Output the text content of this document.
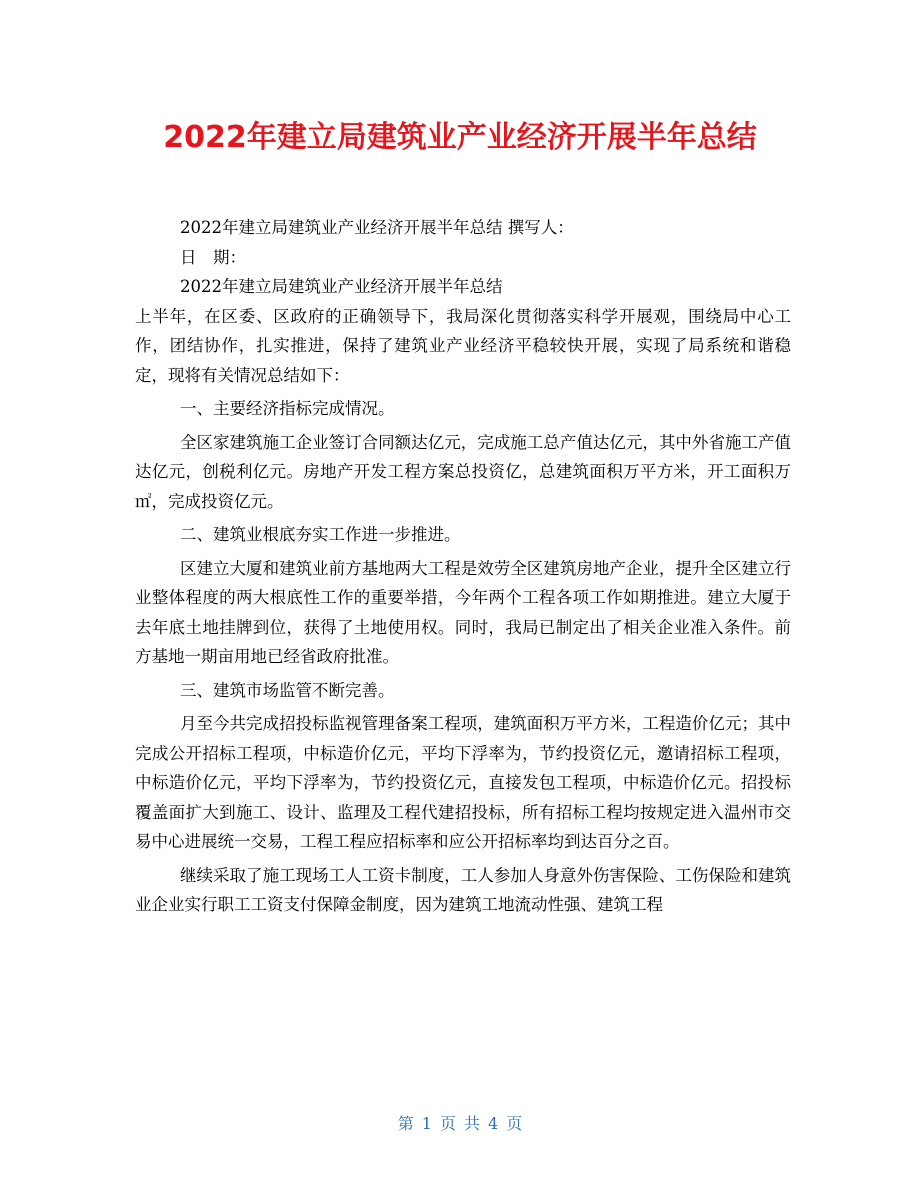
2022年建立局建筑业产业经济开展半年总结

2022年建立局建筑业产业经济开展半年总结 撰写人：

日　期：

2022年建立局建筑业产业经济开展半年总结

上半年，在区委、区政府的正确领导下，我局深化贯彻落实科学开展观，围绕局中心工作，团结协作，扎实推进，保持了建筑业产业经济平稳较快开展，实现了局系统和谐稳定，现将有关情况总结如下：

一、主要经济指标完成情况。

全区家建筑施工企业签订合同额达亿元，完成施工总产值达亿元，其中外省施工产值达亿元，创税利亿元。房地产开发工程方案总投资亿，总建筑面积万平方米，开工面积万㎡，完成投资亿元。

二、建筑业根底夯实工作进一步推进。

区建立大厦和建筑业前方基地两大工程是效劳全区建筑房地产企业，提升全区建立行业整体程度的两大根底性工作的重要举措，今年两个工程各项工作如期推进。建立大厦于去年底土地挂牌到位，获得了土地使用权。同时，我局已制定出了相关企业准入条件。前方基地一期亩用地已经省政府批准。

三、建筑市场监管不断完善。

月至今共完成招投标监视管理备案工程项，建筑面积万平方米，工程造价亿元；其中完成公开招标工程项，中标造价亿元，平均下浮率为，节约投资亿元，邀请招标工程项，中标造价亿元，平均下浮率为，节约投资亿元，直接发包工程项，中标造价亿元。招投标覆盖面扩大到施工、设计、监理及工程代建招投标，所有招标工程均按规定进入温州市交易中心进展统一交易，工程工程应招标率和应公开招标率均到达百分之百。

继续采取了施工现场工人工资卡制度，工人参加人身意外伤害保险、工伤保险和建筑业企业实行职工工资支付保障金制度，因为建筑工地流动性强、建筑工程

第 1 页 共 4 页
